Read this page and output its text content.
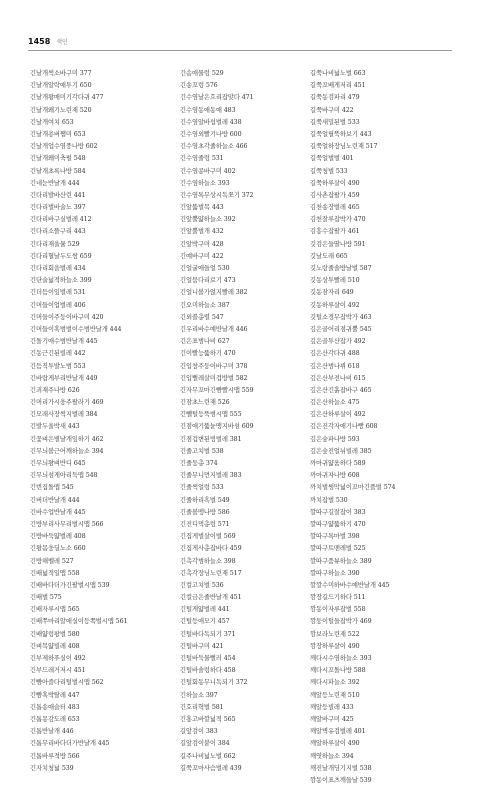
1458 색인
긴날개썩소바구미 377
긴날개알락애투기 650
긴날개왕매미기각다귀 477
긴날개왜기노린재 520
긴날개여치 653
긴날개용버쨈미 653
긴날개업수염풍나방 602
긴날개왜미축펄 548
긴날개초록나방 584
긴네눈반날개 444
긴다리발바산린 441
긴다리벌바술노 397
긴다리바구실벌레 412
긴다리소뜰구리 443
긴다리재울뮬 529
긴다리혈날두도쌍 659
긴다리회을벌레 434
긴단술넓적하늘소 399
긴더듬이잎벌레 531
긴머들이업벌레 406
긴머들이주둥이바구미 420
긴머들이혹범벌이수범반날개 444
긴돌기애수범반날개 445
긴동근긴된빌레 442
긴듬직투발노범 553
긴바랍게부리반날개 449
긴괴재주나방 626
긴머리가시웅주팔라기 469
긴모래사장썩지벌레 384
긴발두울박새 443
긴꽃벼은별날개잎하기 462
긴무늬볼근어깨하늘소 394
긴무늬왕벼반디 645
긴무늬섬게아리둑맵 548
긴번집돌맵 545
긴버더반날개 444
긴바수업반날개 445
긴방부리사무리벌시맵 566
긴방바둑얇벌레 408
긴왕몸웅딜노소 660
긴방해벨레 527
긴배넓적일맵 558
긴배바다더가긴팔벌시맵 539
긴배벌 575
긴배자루시맵 565
긴배쭈마리알애실이등쪽벌시맵 561
긴배얇렁팡벌 580
긴벼목얇빌레 408
긴부제하푸실이 492
긴부드레거저시 451
긴뺨아즐다리털벌시맵 562
긴뺨혹박탈레 447
긴톱송애슬터 483
긴톱몽감도레 653
긴톱반날개 446
긴톱무리바다더가반날개 445
긴톱바루적방 566
긴자치청넓 539
긴솜애물렁 529
긴송꼬렁 576
긴수염날은흐리잡맞다 471
긴수염동애동애 483
긴수염알바섭벌레 438
긴수염외빨기나방 600
긴수염초각줄하늘소 466
긴수염줄렁 531
긴수염콩바구미 402
긴수염하늘소 393
긴수염톡무상시독쪼기 372
긴앞뚫벌목 443
긴앞뿔얇하늘소 392
긴앞뿔벌개 432
긴앞박구미 428
긴얘바구미 422
긴얼굴애들얼 530
긴얼뭄다리로기 473
긴얼니볼가얹지빨레 382
긴오미하늘소 387
긴외콜총렬 547
긴우리바수얘반날개 446
긴은표범나비 627
긴이빨능뚫하기 470
긴입창주둥이바구미 378
긴입뻘레살미겁방벌 582
긴자무꼬마긴뺨빨시맵 559
긴잠초느린재 526
긴뻴털등뚝범시맵 555
긴점애기뚫뉸맹지바섬 609
긴점겁변된빙벌레 381
긴줄고치벌 538
긴줄둥총 374
긴줄무니먼지벌레 383
긴줄썩얼렁 533
긴줄하리흑벌 549
긴줄볼맹나방 586
긴진디먹총렁 571
긴집게벌살이벌 569
긴집게사총잡바다 459
긴촉각범하늘소 398
긴촉각장님노린재 517
긴컬고치벌 536
긴컬금은줄반날개 451
긴털게얇벌레 441
긴털등애모기 457
긴털바다독되기 371
긴털바구미 421
긴털바둑물뻘러 454
긴털바솔렁하다 458
긴털회동무니독되기 372
긴하늘소 397
긴호리혁벌 581
긴홍고바깥넓적 565
길앞검이 383
길앞검이붙이 384
길주나비넓노벌 662
길쭉꼬마사슴벌레 439
길쭉나비넓노벌 663
길쭉꼬베게저리 451
길쭉동검파리 479
길쭉바구미 422
길쭉새밀된벌 533
길쭉얼릴뚝하보기 443
길쭉얼하장님노린재 517
길쭉얼벌벌 401
길쭉청벌 533
길쭉하루살이 490
김사촌잡팔가 459
김천송장벌레 465
김천잘루잡박가 470
김흥수잡팔가 461
깃검은들딸나방 591
깃날도래 665
깃노랑줄솔방날벌 587
깃동상투빨레 510
깃동잠자리 649
깃동하루살이 492
깃털소경무잡박가 463
깊은골어리점귀뿔 545
깊은골투산잡가 492
깊은산각다귀 488
깊은산범나뷔 618
깊은산부전나비 615
깊은산긴흙잡바구 465
깊은산하늘소 475
깊은산하루살이 492
깊은진각자애기나빵 608
깊은숲파나방 593
깊은숲진얼뉘빌레 385
까마귀얇움하다 589
까마귀자나방 608
까치벌썽막넓이꼬마긴플벌 574
까치잡벌 530
깔따구길잘잡이 383
깔따구얇뚫하기 470
깔따구톡마벌 398
깔따구트맨레벌 525
깔따구품뷰하늘소 389
깔따구하늘소 390
깔깔수미하바수얘반날개 445
깜장길드기하다 511
깜동이자루잡벌 558
깜둥이털들잡박가 469
깜보라노린재 522
깜장하루살이 490
깨다시수염하늘소 393
깨다시꼬돌나방 588
깨다시파늘소 392
깨알등노린재 510
깨알등빌레 433
깨알바구미 425
깨알벽유검벌레 401
깨알하루살이 490
깨엿하늘소 394
깨진날개딩기지벌 538
깜동이표츠깨들날 539
